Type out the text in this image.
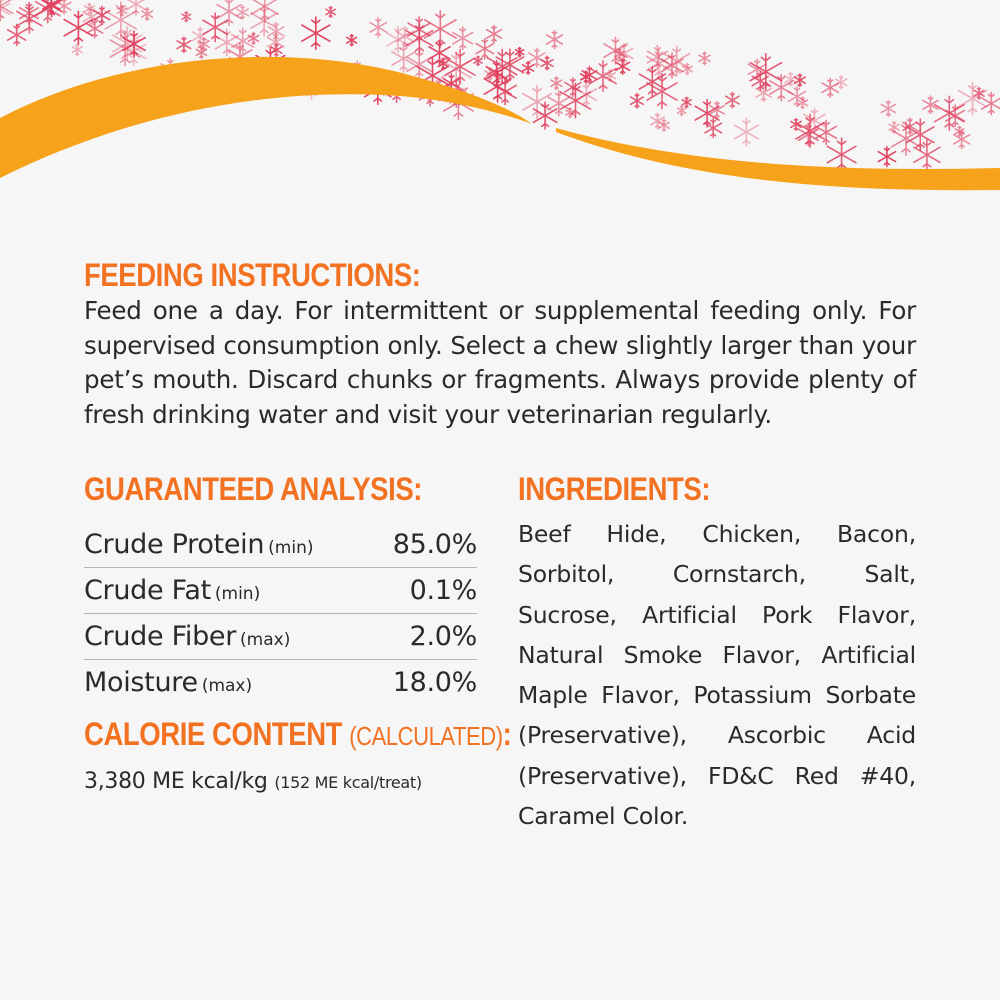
FEEDING INSTRUCTIONS:

Feed one a day. For intermittent or supplemental feeding only. For supervised consumption only. Select a chew slightly larger than your pet’s mouth. Discard chunks or fragments. Always provide plenty of fresh drinking water and visit your veterinarian regularly.

GUARANTEED ANALYSIS:
Crude Protein (min)	85.0%
Crude Fat (min)	0.1%
Crude Fiber (max)	2.0%
Moisture (max)	18.0%
CALORIE CONTENT (CALCULATED):

3,380 ME kcal/kg (152 ME kcal/treat)

INGREDIENTS:

Beef Hide, Chicken, Bacon, Sorbitol, Cornstarch, Salt, Sucrose, Artificial Pork Flavor, Natural Smoke Flavor, Artificial Maple Flavor, Potassium Sorbate (Preservative), Ascorbic Acid (Preservative), FD&C Red #40, Caramel Color.
